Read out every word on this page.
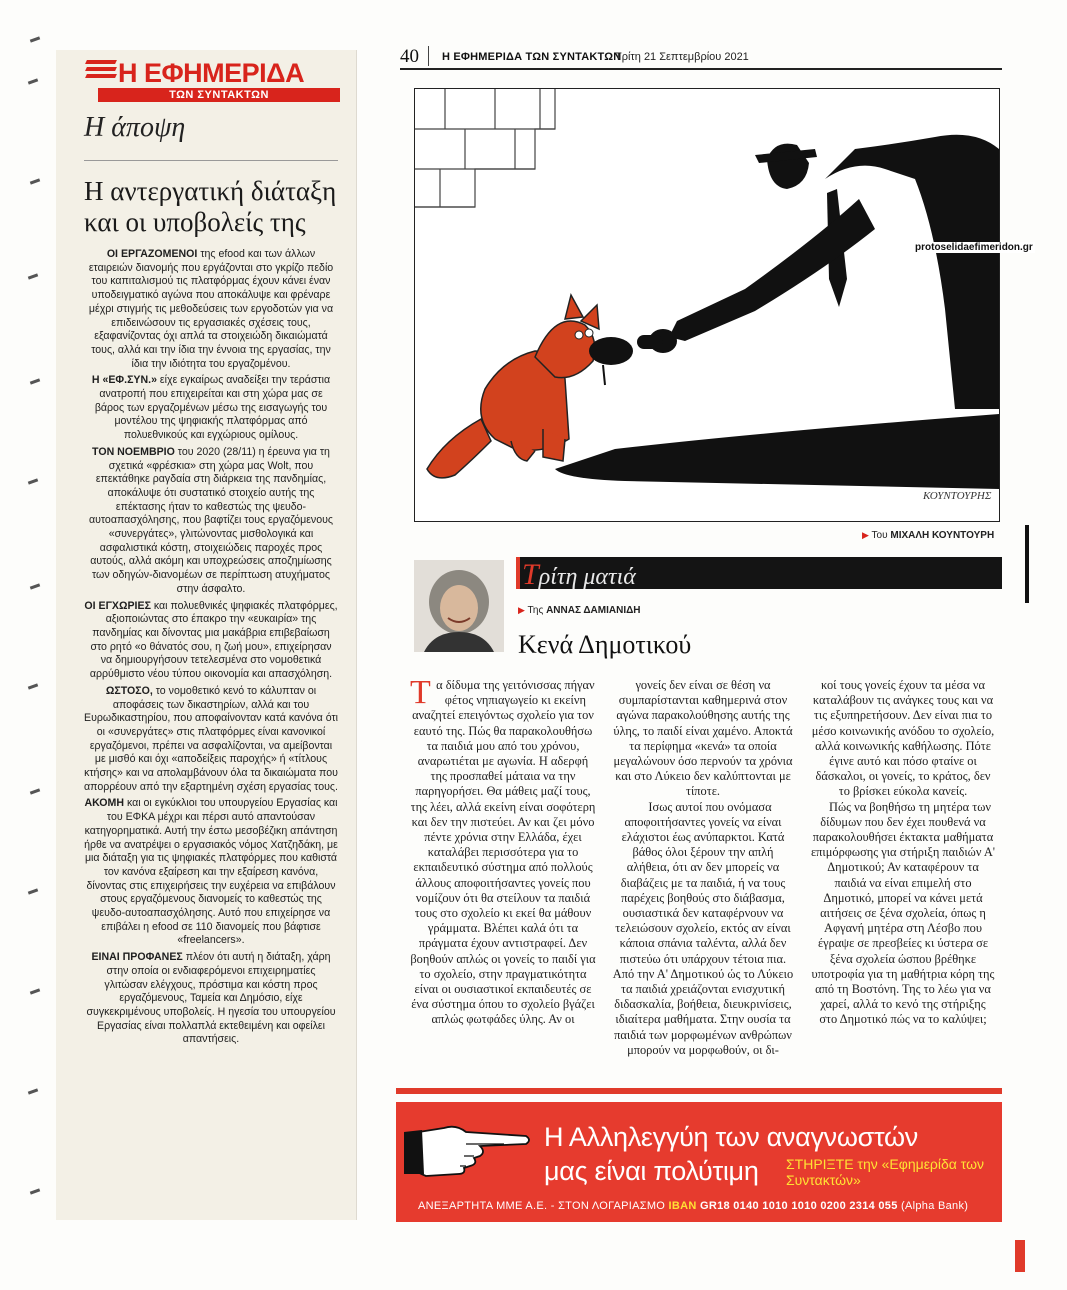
Η ΕΦΗΜΕΡΙΔΑ
ΤΩΝ ΣΥΝΤΑΚΤΩΝ
Η άποψη
Η αντεργατική διάταξη και οι υποβολείς της

ΟΙ ΕΡΓΑΖΟΜΕΝΟΙ της efood και των άλλων εταιρειών διανομής που εργάζονται στο γκρίζο πεδίο του καπιταλισμού τις πλατφόρμας έχουν κάνει έναν υποδειγματικό αγώνα που αποκάλυψε και φρέναρε μέχρι στιγμής τις μεθοδεύσεις των εργοδοτών για να επιδεινώσουν τις εργασιακές σχέσεις τους, εξαφανίζοντας όχι απλά τα στοιχειώδη δικαιώματά τους, αλλά και την ίδια την έννοια της εργασίας, την ίδια την ιδιότητα του εργαζομένου.

Η «ΕΦ.ΣΥΝ.» είχε εγκαίρως αναδείξει την τεράστια ανατροπή που επιχειρείται και στη χώρα μας σε βάρος των εργαζομένων μέσω της εισαγωγής του μοντέλου της ψηφιακής πλατφόρμας από πολυεθνικούς και εγχώριους ομίλους.

ΤΟΝ ΝΟΕΜΒΡΙΟ του 2020 (28/11) η έρευνα για τη σχετικά «φρέσκια» στη χώρα μας Wolt, που επεκτάθηκε ραγδαία στη διάρκεια της πανδημίας, αποκάλυψε ότι συστατικό στοιχείο αυτής της επέκτασης ήταν το καθεστώς της ψευδο-αυτοαπασχόλησης, που βαφτίζει τους εργαζόμενους «συνεργάτες», γλιτώνοντας μισθολογικά και ασφαλιστικά κόστη, στοιχειώδεις παροχές προς αυτούς, αλλά ακόμη και υποχρεώσεις αποζημίωσης των οδηγών-διανομέων σε περίπτωση ατυχήματος στην άσφαλτο.

ΟΙ ΕΓΧΩΡΙΕΣ και πολυεθνικές ψηφιακές πλατφόρμες, αξιοποιώντας στο έπακρο την «ευκαιρία» της πανδημίας και δίνοντας μια μακάβρια επιβεβαίωση στο ρητό «ο θάνατός σου, η ζωή μου», επιχείρησαν να δημιουργήσουν τετελεσμένα στο νομοθετικά αρρύθμιστο νέου τύπου οικονομία και απασχόληση.

ΩΣΤΟΣΟ, το νομοθετικό κενό το κάλυπταν οι αποφάσεις των δικαστηρίων, αλλά και του Ευρωδικαστηρίου, που αποφαίνονταν κατά κανόνα ότι οι «συνεργάτες» στις πλατφόρμες είναι κανονικοί εργαζόμενοι, πρέπει να ασφαλίζονται, να αμείβονται με μισθό και όχι «αποδείξεις παροχής» ή «τίτλους κτήσης» και να απολαμβάνουν όλα τα δικαιώματα που απορρέουν από την εξαρτημένη σχέση εργασίας τους.

ΑΚΟΜΗ και οι εγκύκλιοι του υπουργείου Εργασίας και του ΕΦΚΑ μέχρι και πέρσι αυτό απαντούσαν κατηγορηματικά. Αυτή την έστω μεσοβέζικη απάντηση ήρθε να ανατρέψει ο εργασιακός νόμος Χατζηδάκη, με μια διάταξη για τις ψηφιακές πλατφόρμες που καθιστά τον κανόνα εξαίρεση και την εξαίρεση κανόνα, δίνοντας στις επιχειρήσεις την ευχέρεια να επιβάλουν στους εργαζόμενους διανομείς το καθεστώς της ψευδο-αυτοαπασχόλησης. Αυτό που επιχείρησε να επιβάλει η efood σε 110 διανομείς που βάφτισε «freelancers».

ΕΙΝΑΙ ΠΡΟΦΑΝΕΣ πλέον ότι αυτή η διάταξη, χάρη στην οποία οι ενδιαφερόμενοι επιχειρηματίες γλιτώσαν ελέγχους, πρόστιμα και κόστη προς εργαζόμενους, Ταμεία και Δημόσιο, είχε συγκεκριμένους υποβολείς. Η ηγεσία του υπουργείου Εργασίας είναι πολλαπλά εκτεθειμένη και οφείλει απαντήσεις.

40 Η ΕΦΗΜΕΡΙΔΑ ΤΩΝ ΣΥΝΤΑΚΤΩΝ
Τρίτη 21 Σεπτεμβρίου 2021
ΚΟΥΝΤΟΥΡΗΣ
protoselidaefimeridon.gr
▶ Του ΜΙΧΑΛΗ ΚΟΥΝΤΟΥΡΗ
Τρίτη ματιά
▶ Της ΑΝΝΑΣ ΔΑΜΙΑΝΙΔΗ
Κενά Δημοτικού

Τα δίδυμα της γειτόνισσας πήγαν φέτος νηπιαγωγείο κι εκείνη αναζητεί επειγόντως σχολείο για τον εαυτό της. Πώς θα παρακολουθήσω τα παιδιά μου από του χρόνου, αναρωτιέται με αγωνία. Η αδερφή της προσπαθεί μάταια να την παρηγορήσει. Θα μάθεις μαζί τους, της λέει, αλλά εκείνη είναι σοφότερη και δεν την πιστεύει. Αν και ζει μόνο πέντε χρόνια στην Ελλάδα, έχει καταλάβει περισσότερα για το εκπαιδευτικό σύστημα από πολλούς άλλους αποφοιτήσαντες γονείς που νομίζουν ότι θα στείλουν τα παιδιά τους στο σχολείο κι εκεί θα μάθουν γράμματα. Βλέπει καλά ότι τα πράγματα έχουν αντιστραφεί. Δεν βοηθούν απλώς οι γονείς το παιδί για το σχολείο, στην πραγματικότητα είναι οι ουσιαστικοί εκπαιδευτές σε ένα σύστημα όπου το σχολείο βγάζει απλώς φωτφάδες ύλης. Αν οι

γονείς δεν είναι σε θέση να συμπαρίστανται καθημερινά στον αγώνα παρακολούθησης αυτής της ύλης, το παιδί είναι χαμένο. Αποκτά τα περίφημα «κενά» τα οποία μεγαλώνουν όσο περνούν τα χρόνια και στο Λύκειο δεν καλύπτονται με τίποτε.

Ισως αυτοί που ονόμασα αποφοιτήσαντες γονείς να είναι ελάχιστοι έως ανύπαρκτοι. Κατά βάθος όλοι ξέρουν την απλή αλήθεια, ότι αν δεν μπορείς να διαβάζεις με τα παιδιά, ή να τους παρέχεις βοηθούς στο διάβασμα, ουσιαστικά δεν καταφέρνουν να τελειώσουν σχολείο, εκτός αν είναι κάποια σπάνια ταλέντα, αλλά δεν πιστεύω ότι υπάρχουν τέτοια πια. Από την Α' Δημοτικού ώς το Λύκειο τα παιδιά χρειάζονται ενισχυτική διδασκαλία, βοήθεια, διευκρινίσεις, ιδιαίτερα μαθήματα. Στην ουσία τα παιδιά των μορφωμένων ανθρώπων μπορούν να μορφωθούν, οι δι-

κοί τους γονείς έχουν τα μέσα να καταλάβουν τις ανάγκες τους και να τις εξυπηρετήσουν. Δεν είναι πια το μέσο κοινωνικής ανόδου το σχολείο, αλλά κοινωνικής καθήλωσης. Πότε έγινε αυτό και πόσο φταίνε οι δάσκαλοι, οι γονείς, το κράτος, δεν το βρίσκει εύκολα κανείς.

Πώς να βοηθήσω τη μητέρα των δίδυμων που δεν έχει πουθενά να παρακολουθήσει έκτακτα μαθήματα επιμόρφωσης για στήριξη παιδιών Α' Δημοτικού; Αν καταφέρουν τα παιδιά να είναι επιμελή στο Δημοτικό, μπορεί να κάνει μετά αιτήσεις σε ξένα σχολεία, όπως η Αφγανή μητέρα στη Λέσβο που έγραψε σε πρεσβείες κι ύστερα σε ξένα σχολεία ώσπου βρέθηκε υποτροφία για τη μαθήτρια κόρη της από τη Βοστόνη. Της το λέω για να χαρεί, αλλά το κενό της στήριξης στο Δημοτικό πώς να το καλύψει;

Η Αλληλεγγύη των αναγνωστών
μας είναι πολύτιμη ΣΤΗΡΙΞΤΕ την «Εφημερίδα των Συντακτών»
ΑΝΕΞΑΡΤΗΤΑ ΜΜΕ Α.Ε. - ΣΤΟΝ ΛΟΓΑΡΙΑΣΜΟ IBAN GR18 0140 1010 1010 0200 2314 055 (Alpha Bank)
